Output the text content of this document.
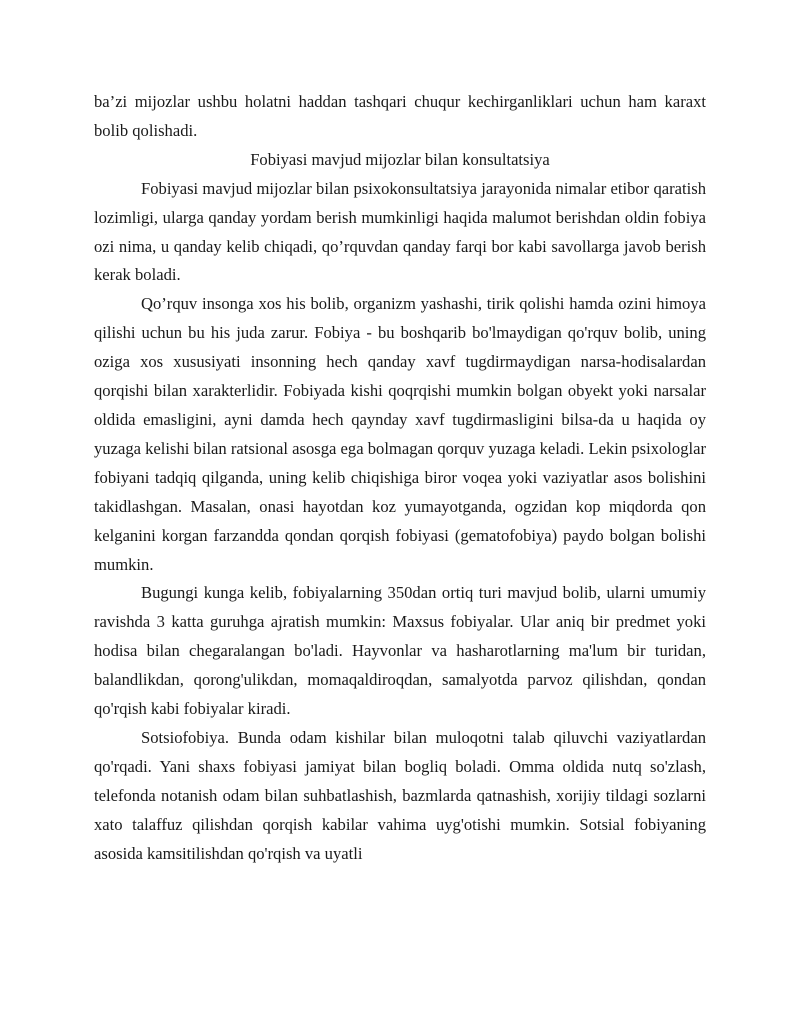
ba’zi mijozlar ushbu holatni haddan tashqari chuqur kechirganliklari uchun ham karaxt bolib qolishadi.

Fobiyasi mavjud mijozlar bilan konsultatsiya

Fobiyasi mavjud mijozlar bilan psixokonsultatsiya jarayonida nimalar etibor qaratish lozimligi, ularga qanday yordam berish mumkinligi haqida malumot berishdan oldin fobiya ozi nima, u qanday kelib chiqadi, qo’rquvdan qanday farqi bor kabi savollarga javob berish kerak boladi.

Qo’rquv insonga xos his bolib, organizm yashashi, tirik qolishi hamda ozini himoya qilishi uchun bu his juda zarur. Fobiya - bu boshqarib bo'lmaydigan qo'rquv bolib, uning oziga xos xususiyati insonning hech qanday xavf tugdirmaydigan narsa-hodisalardan qorqishi bilan xarakterlidir. Fobiyada kishi qoqrqishi mumkin bolgan obyekt yoki narsalar oldida emasligini, ayni damda hech qaynday xavf tugdirmasligini bilsa-da u haqida oy yuzaga kelishi bilan ratsional asosga ega bolmagan qorquv yuzaga keladi. Lekin psixologlar fobiyani tadqiq qilganda, uning kelib chiqishiga biror voqea yoki vaziyatlar asos bolishini takidlashgan. Masalan, onasi hayotdan koz yumayotganda, ogzidan kop miqdorda qon kelganini korgan farzandda qondan qorqish fobiyasi (gematofobiya) paydo bolgan bolishi mumkin.

Bugungi kunga kelib, fobiyalarning 350dan ortiq turi mavjud bolib, ularni umumiy ravishda 3 katta guruhga ajratish mumkin: Maxsus fobiyalar. Ular aniq bir predmet yoki hodisa bilan chegaralangan bo'ladi. Hayvonlar va hasharotlarning ma'lum bir turidan, balandlikdan, qorong'ulikdan, momaqaldiroqdan, samalyotda parvoz qilishdan, qondan qo'rqish kabi fobiyalar kiradi.

Sotsiofobiya. Bunda odam kishilar bilan muloqotni talab qiluvchi vaziyatlardan qo'rqadi. Yani shaxs fobiyasi jamiyat bilan bogliq boladi. Omma oldida nutq so'zlash, telefonda notanish odam bilan suhbatlashish, bazmlarda qatnashish, xorijiy tildagi sozlarni xato talaffuz qilishdan qorqish kabilar vahima uyg'otishi mumkin. Sotsial fobiyaning asosida kamsitilishdan qo'rqish va uyatli
